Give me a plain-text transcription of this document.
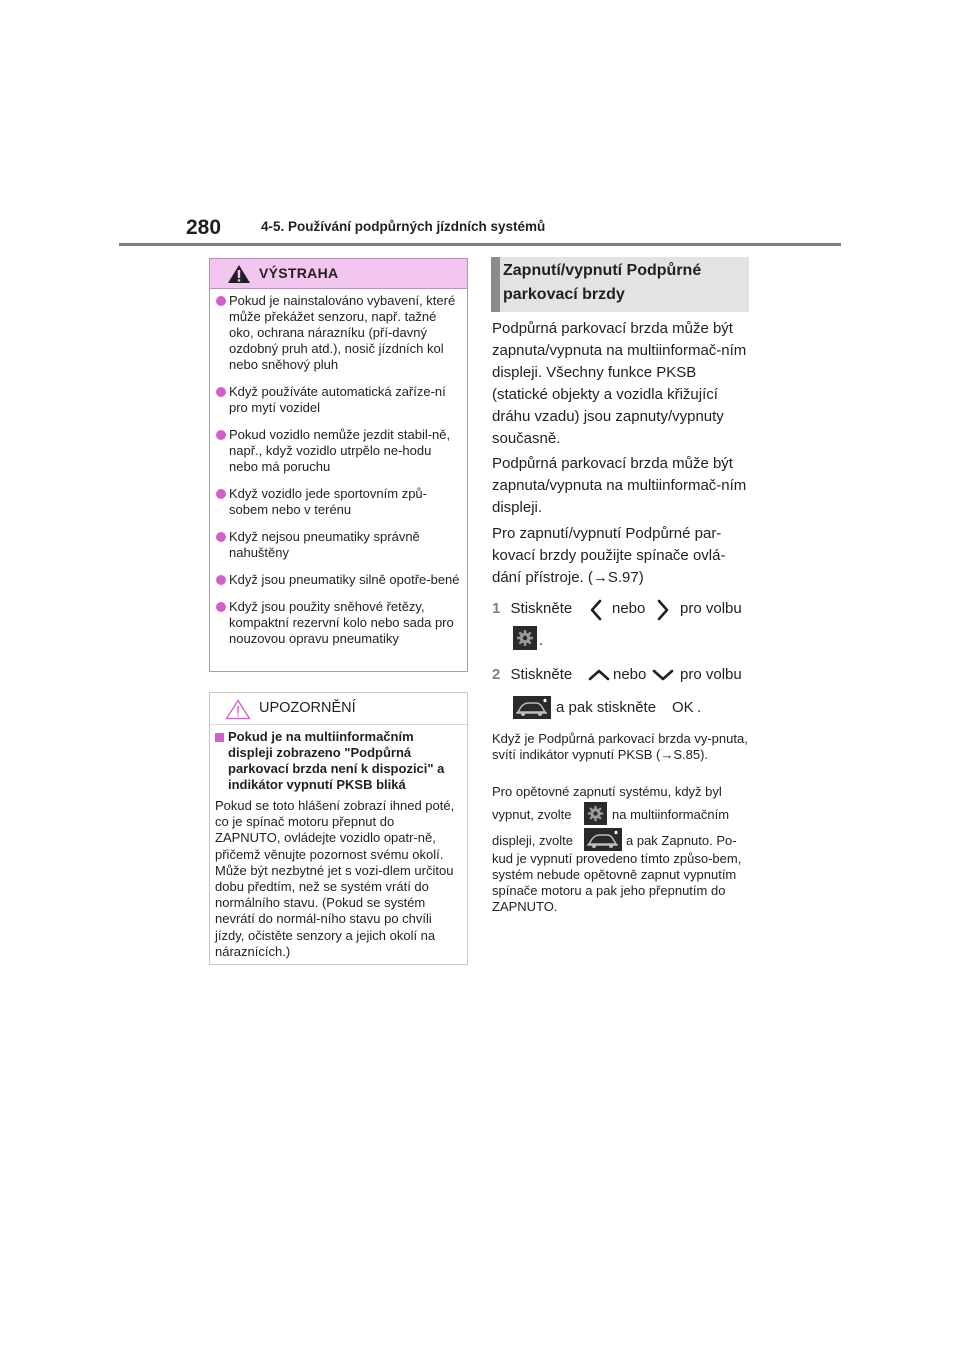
280	4-5. Používání podpůrných jízdních systémů
VÝSTRAHA
Pokud je nainstalováno vybavení, které může překážet senzoru, např. tažné oko, ochrana nárazníku (pří-davný ozdobný pruh atd.), nosič jízdních kol nebo sněhový pluh
Když používáte automatická zaříze-ní pro mytí vozidel
Pokud vozidlo nemůže jezdit stabil-ně, např., když vozidlo utrpělo ne-hodu nebo má poruchu
Když vozidlo jede sportovním způ-sobem nebo v terénu
Když nejsou pneumatiky správně nahuštěny
Když jsou pneumatiky silně opotře-bené
Když jsou použity sněhové řetězy, kompaktní rezervní kolo nebo sada pro nouzovou opravu pneumatiky
UPOZORNĚNÍ
Pokud je na multiinformačním displeji zobrazeno "Podpůrná parkovací brzda není k dispozici" a indikátor vypnutí PKSB bliká
Pokud se toto hlášení zobrazí ihned poté, co je spínač motoru přepnut do ZAPNUTO, ovládejte vozidlo opatr-ně, přičemž věnujte pozornost svému okolí. Může být nezbytné jet s vozi-dlem určitou dobu předtím, než se systém vrátí do normálního stavu. (Pokud se systém nevrátí do normál-ního stavu po chvíli jízdy, očistěte senzory a jejich okolí na náraznících.)
Zapnutí/vypnutí Podpůrné
parkovací brzdy
Podpůrná parkovací brzda může být zapnuta/vypnuta na multiinformač-ním displeji. Všechny funkce PKSB (statické objekty a vozidla křižující dráhu vzadu) jsou zapnuty/vypnuty současně.
Podpůrná parkovací brzda může být zapnuta/vypnuta na multiinformač-ním displeji.
Pro zapnutí/vypnutí Podpůrné par-kovací brzdy použijte spínače ovlá-dání přístroje. (→S.97)
1 Stiskněte	nebo pro volbu
.
2 Stiskněte	nebo pro volbu
a pak stiskněte OK .
Když je Podpůrná parkovací brzda vy-pnuta, svítí indikátor vypnutí PKSB (→S.85).
Pro opětovné zapnutí systému, když byl
vypnut, zvolte	na multiinformačním
displeji, zvolte	a pak Zapnuto. Po-
kud je vypnutí provedeno tímto způso-bem, systém nebude opětovně zapnut vypnutím spínače motoru a pak jeho přepnutím do ZAPNUTO.
